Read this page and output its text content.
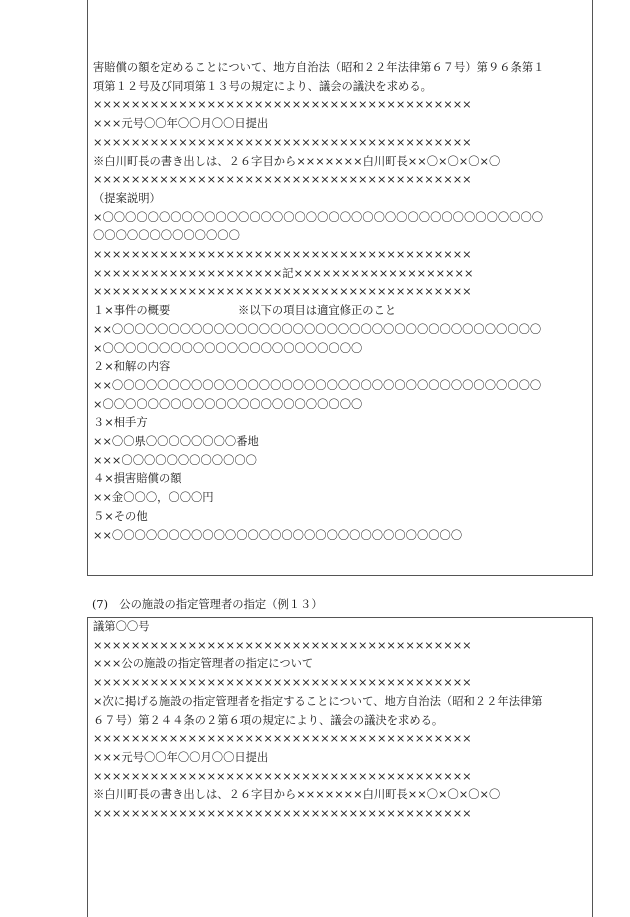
害賠償の額を定めることについて、地方自治法（昭和２２年法律第６７号）第９６条第１
項第１２号及び同項第１３号の規定により、議会の議決を求める。
××××××××××××××××××××××××××××××××××××××××
×××元号〇〇年〇〇月〇〇日提出
××××××××××××××××××××××××××××××××××××××××
※白川町長の書き出しは、２６字目から×××××××白川町長××〇×〇×〇×〇
××××××××××××××××××××××××××××××××××××××××
（提案説明）
×〇〇〇〇〇〇〇〇〇〇〇〇〇〇〇〇〇〇〇〇〇〇〇〇〇〇〇〇〇〇〇〇〇〇〇〇〇〇〇
〇〇〇〇〇〇〇〇〇〇〇〇〇
××××××××××××××××××××××××××××××××××××××××
××××××××××××××××××××記×××××××××××××××××××
××××××××××××××××××××××××××××××××××××××××
１×事件の概要　　　　　　※以下の項目は適宜修正のこと
××〇〇〇〇〇〇〇〇〇〇〇〇〇〇〇〇〇〇〇〇〇〇〇〇〇〇〇〇〇〇〇〇〇〇〇〇〇〇
×〇〇〇〇〇〇〇〇〇〇〇〇〇〇〇〇〇〇〇〇〇〇〇
２×和解の内容
××〇〇〇〇〇〇〇〇〇〇〇〇〇〇〇〇〇〇〇〇〇〇〇〇〇〇〇〇〇〇〇〇〇〇〇〇〇〇
×〇〇〇〇〇〇〇〇〇〇〇〇〇〇〇〇〇〇〇〇〇〇〇
３×相手方
××〇〇県〇〇〇〇〇〇〇〇番地
×××〇〇〇〇〇〇〇〇〇〇〇〇
４×損害賠償の額
××金〇〇〇，〇〇〇円
５×その他
××〇〇〇〇〇〇〇〇〇〇〇〇〇〇〇〇〇〇〇〇〇〇〇〇〇〇〇〇〇〇〇
(7)　公の施設の指定管理者の指定（例１３）
議第〇〇号
××××××××××××××××××××××××××××××××××××××××
×××公の施設の指定管理者の指定について
××××××××××××××××××××××××××××××××××××××××
×次に掲げる施設の指定管理者を指定することについて、地方自治法（昭和２２年法律第
６７号）第２４４条の２第６項の規定により、議会の議決を求める。
××××××××××××××××××××××××××××××××××××××××
×××元号〇〇年〇〇月〇〇日提出
××××××××××××××××××××××××××××××××××××××××
※白川町長の書き出しは、２６字目から×××××××白川町長××〇×〇×〇×〇
××××××××××××××××××××××××××××××××××××××××
